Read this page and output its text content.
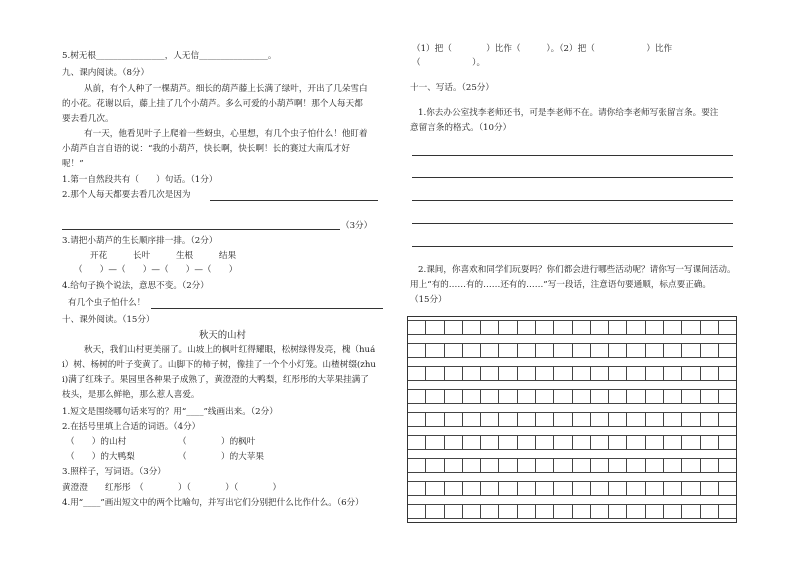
5.树无根________________，人无信________________。
九、课内阅读。（8分）
从前，有个人种了一棵葫芦。细长的葫芦藤上长满了绿叶，开出了几朵雪白
的小花。花谢以后，藤上挂了几个小葫芦。多么可爱的小葫芦啊！那个人每天都
要去看几次。
有一天，他看见叶子上爬着一些蚜虫，心里想，有几个虫子怕什么！他盯着
小葫芦自言自语的说：“我的小葫芦，快长啊，快长啊！长的赛过大南瓜才好
呢！”
1.第一自然段共有（　　）句话。（1分）
2.那个人每天都要去看几次是因为
（3分）
3.请把小葫芦的生长顺序排一排。（2分）
开花　　　长叶　　　生根　　　结果
（　　）—（　　）—（　　）—（　　）
4.给句子换个说法，意思不变。（2分）
有几个虫子怕什么！
十、课外阅读。（15分）
秋天的山村
秋天，我们山村更美丽了。山坡上的枫叶红得耀眼，松树绿得发亮，槐（huá
i）树、杨树的叶子变黄了。山脚下的柿子树，像挂了一个个小灯笼。山楂树缀(zhu
i)满了红珠子。果园里各种果子成熟了，黄澄澄的大鸭梨，红彤彤的大苹果挂满了
枝头，是那么鲜艳，那么惹人喜爱。
1.短文是围绕哪句话来写的？用“____”线画出来。（2分）
2.在括号里填上合适的词语。（4分）
（　　）的山村	（　　　　）的枫叶
（　　）的大鸭梨	（　　　　）的大苹果
3.照样子，写词语。（3分）
黄澄澄　　红彤彤　（　　　　）（　　　　）（　　　　）
4.用“____”画出短文中的两个比喻句，并写出它们分别把什么比作什么。（6分）
（1）把（　　　　）比作（　　　）。（2）把（　　　　　　）比作
（　　　　　　）。
十一、写话。（25分）
1.你去办公室找李老师还书，可是李老师不在。请你给李老师写张留言条。要注
意留言条的格式。（10分）
2.课间，你喜欢和同学们玩耍吗？你们都会进行哪些活动呢？请你写一写课间活动。
用上“有的……有的……还有的……”写一段话，注意语句要通顺，标点要正确。
（15分）
